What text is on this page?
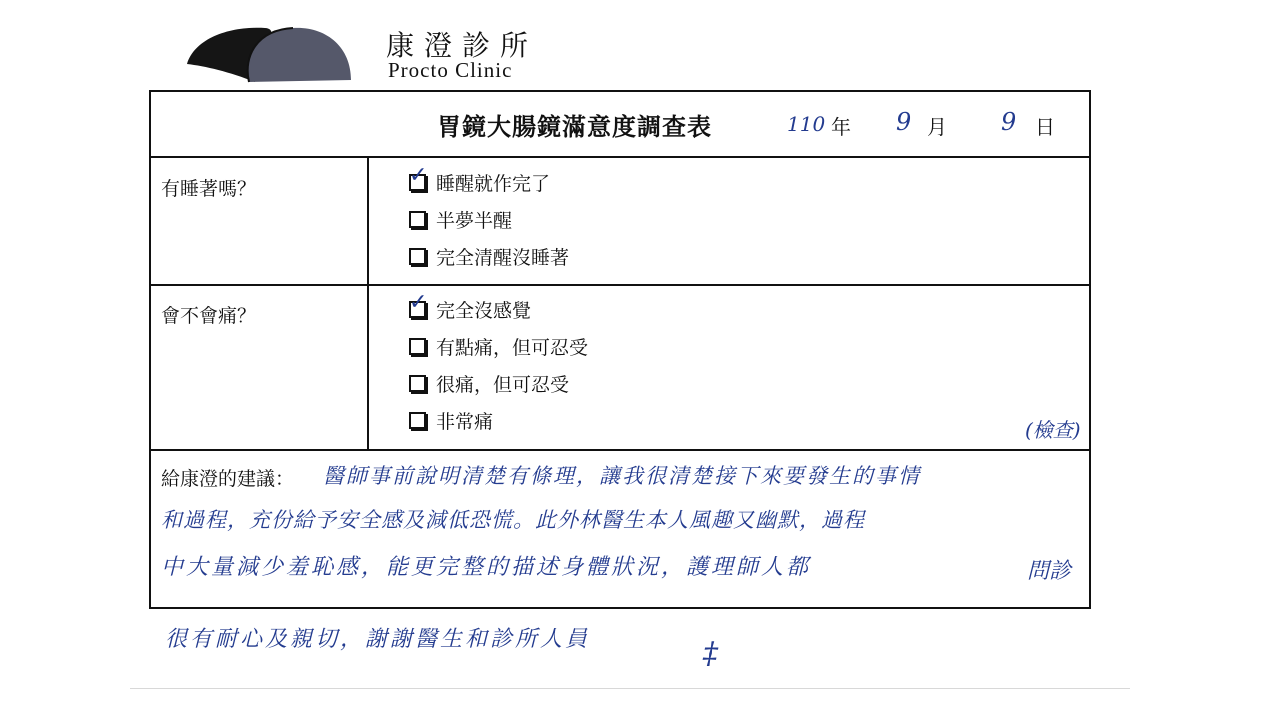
康澄診所
Procto Clinic
胃鏡大腸鏡滿意度調查表	110 年 9 月 9 日
有睡著嗎？
✓ 睡醒就作完了
半夢半醒
完全清醒沒睡著
會不會痛？
✓ 完全沒感覺
有點痛，但可忍受
很痛，但可忍受
非常痛	(檢查)
給康澄的建議： 醫師事前說明清楚有條理，讓我很清楚接下來要發生的事情
和過程，充份給予安全感及減低恐慌。此外林醫生本人風趣又幽默，過程
中大量減少羞恥感，能更完整的描述身體狀況，護理師人都	問診
很有耐心及親切，謝謝醫生和診所人員	‡
